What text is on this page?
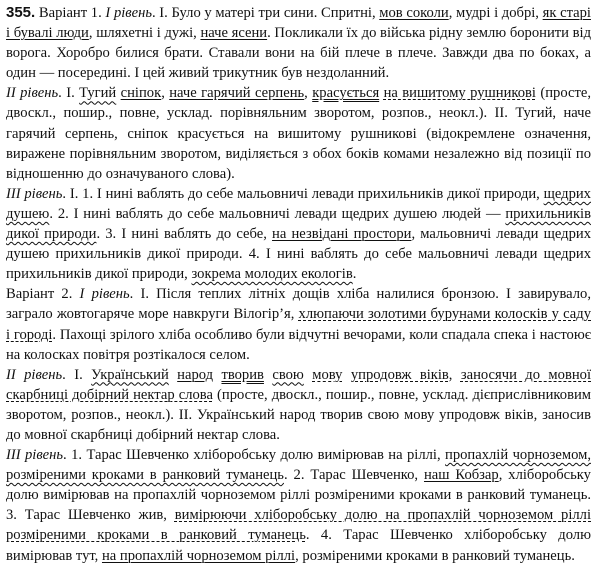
355. Варіант 1. І рівень. І. Було у матері три сини. Спритні, мов соколи, мудрі і добрі, як старі і бувалі люди, шляхетні і дужі, наче ясени. Покликали їх до війська рідну землю боронити від ворога. Хоробро билися брати. Ставали вони на бій плече в плече. Завжди два по боках, а один — посередині. І цей живий трикутник був нездоланний.

ІІ рівень. І. Тугий сніпок, наче гарячий серпень, красується на вишитому рушникові (просте, двоскл., пошир., повне, усклад. порівняльним зворотом, розпов., неокл.). ІІ. Тугий, наче гарячий серпень, сніпок красується на вишитому рушникові (відокремлене означення, виражене порівняльним зворотом, виділяється з обох боків комами незалежно від позиції по відношенню до означуваного слова).

ІІІ рівень. І. 1. І нині ваблять до себе мальовничі левади прихильників дикої природи, щедрих душею. 2. І нині ваблять до себе мальовничі левади щедрих душею людей — прихильників дикої природи. 3. І нині ваблять до себе, на незвідані простори, мальовничі левади щедрих душею прихильників дикої природи. 4. І нині ваблять до себе мальовничі левади щедрих прихильників дикої природи, зокрема молодих екологів.

Варіант 2. І рівень. І. Після теплих літніх дощів хліба налилися бронзою. І завирувало, заграло жовтогаряче море навкруги Вілогір’я, хлюпаючи золотими бурунами колосків у саду і городі. Пахощі зрілого хліба особливо були відчутні вечорами, коли спадала спека і настоює на колосках повітря розтікалося селом.

ІІ рівень. І. Український народ творив свою мову упродовж віків, заносячи до мовної скарбниці добірний нектар слова (просте, двоскл., пошир., повне, усклад. дієприслівниковим зворотом, розпов., неокл.). ІІ. Український народ творив свою мову упродовж віків, заносив до мовної скарбниці добірний нектар слова.

ІІІ рівень. 1. Тарас Шевченко хліборобську долю вимірював на ріллі, пропахлій чорноземом, розміреними кроками в ранковий туманець. 2. Тарас Шевченко, наш Кобзар, хліборобську долю вимірював на пропахлій чорноземом ріллі розміреними кроками в ранковий туманець. 3. Тарас Шевченко жив, вимірюючи хліборобську долю на пропахлій чорноземом ріллі розміреними кроками в ранковий туманець. 4. Тарас Шевченко хліборобську долю вимірював тут, на пропахлій чорноземом ріллі, розміреними кроками в ранковий туманець.
